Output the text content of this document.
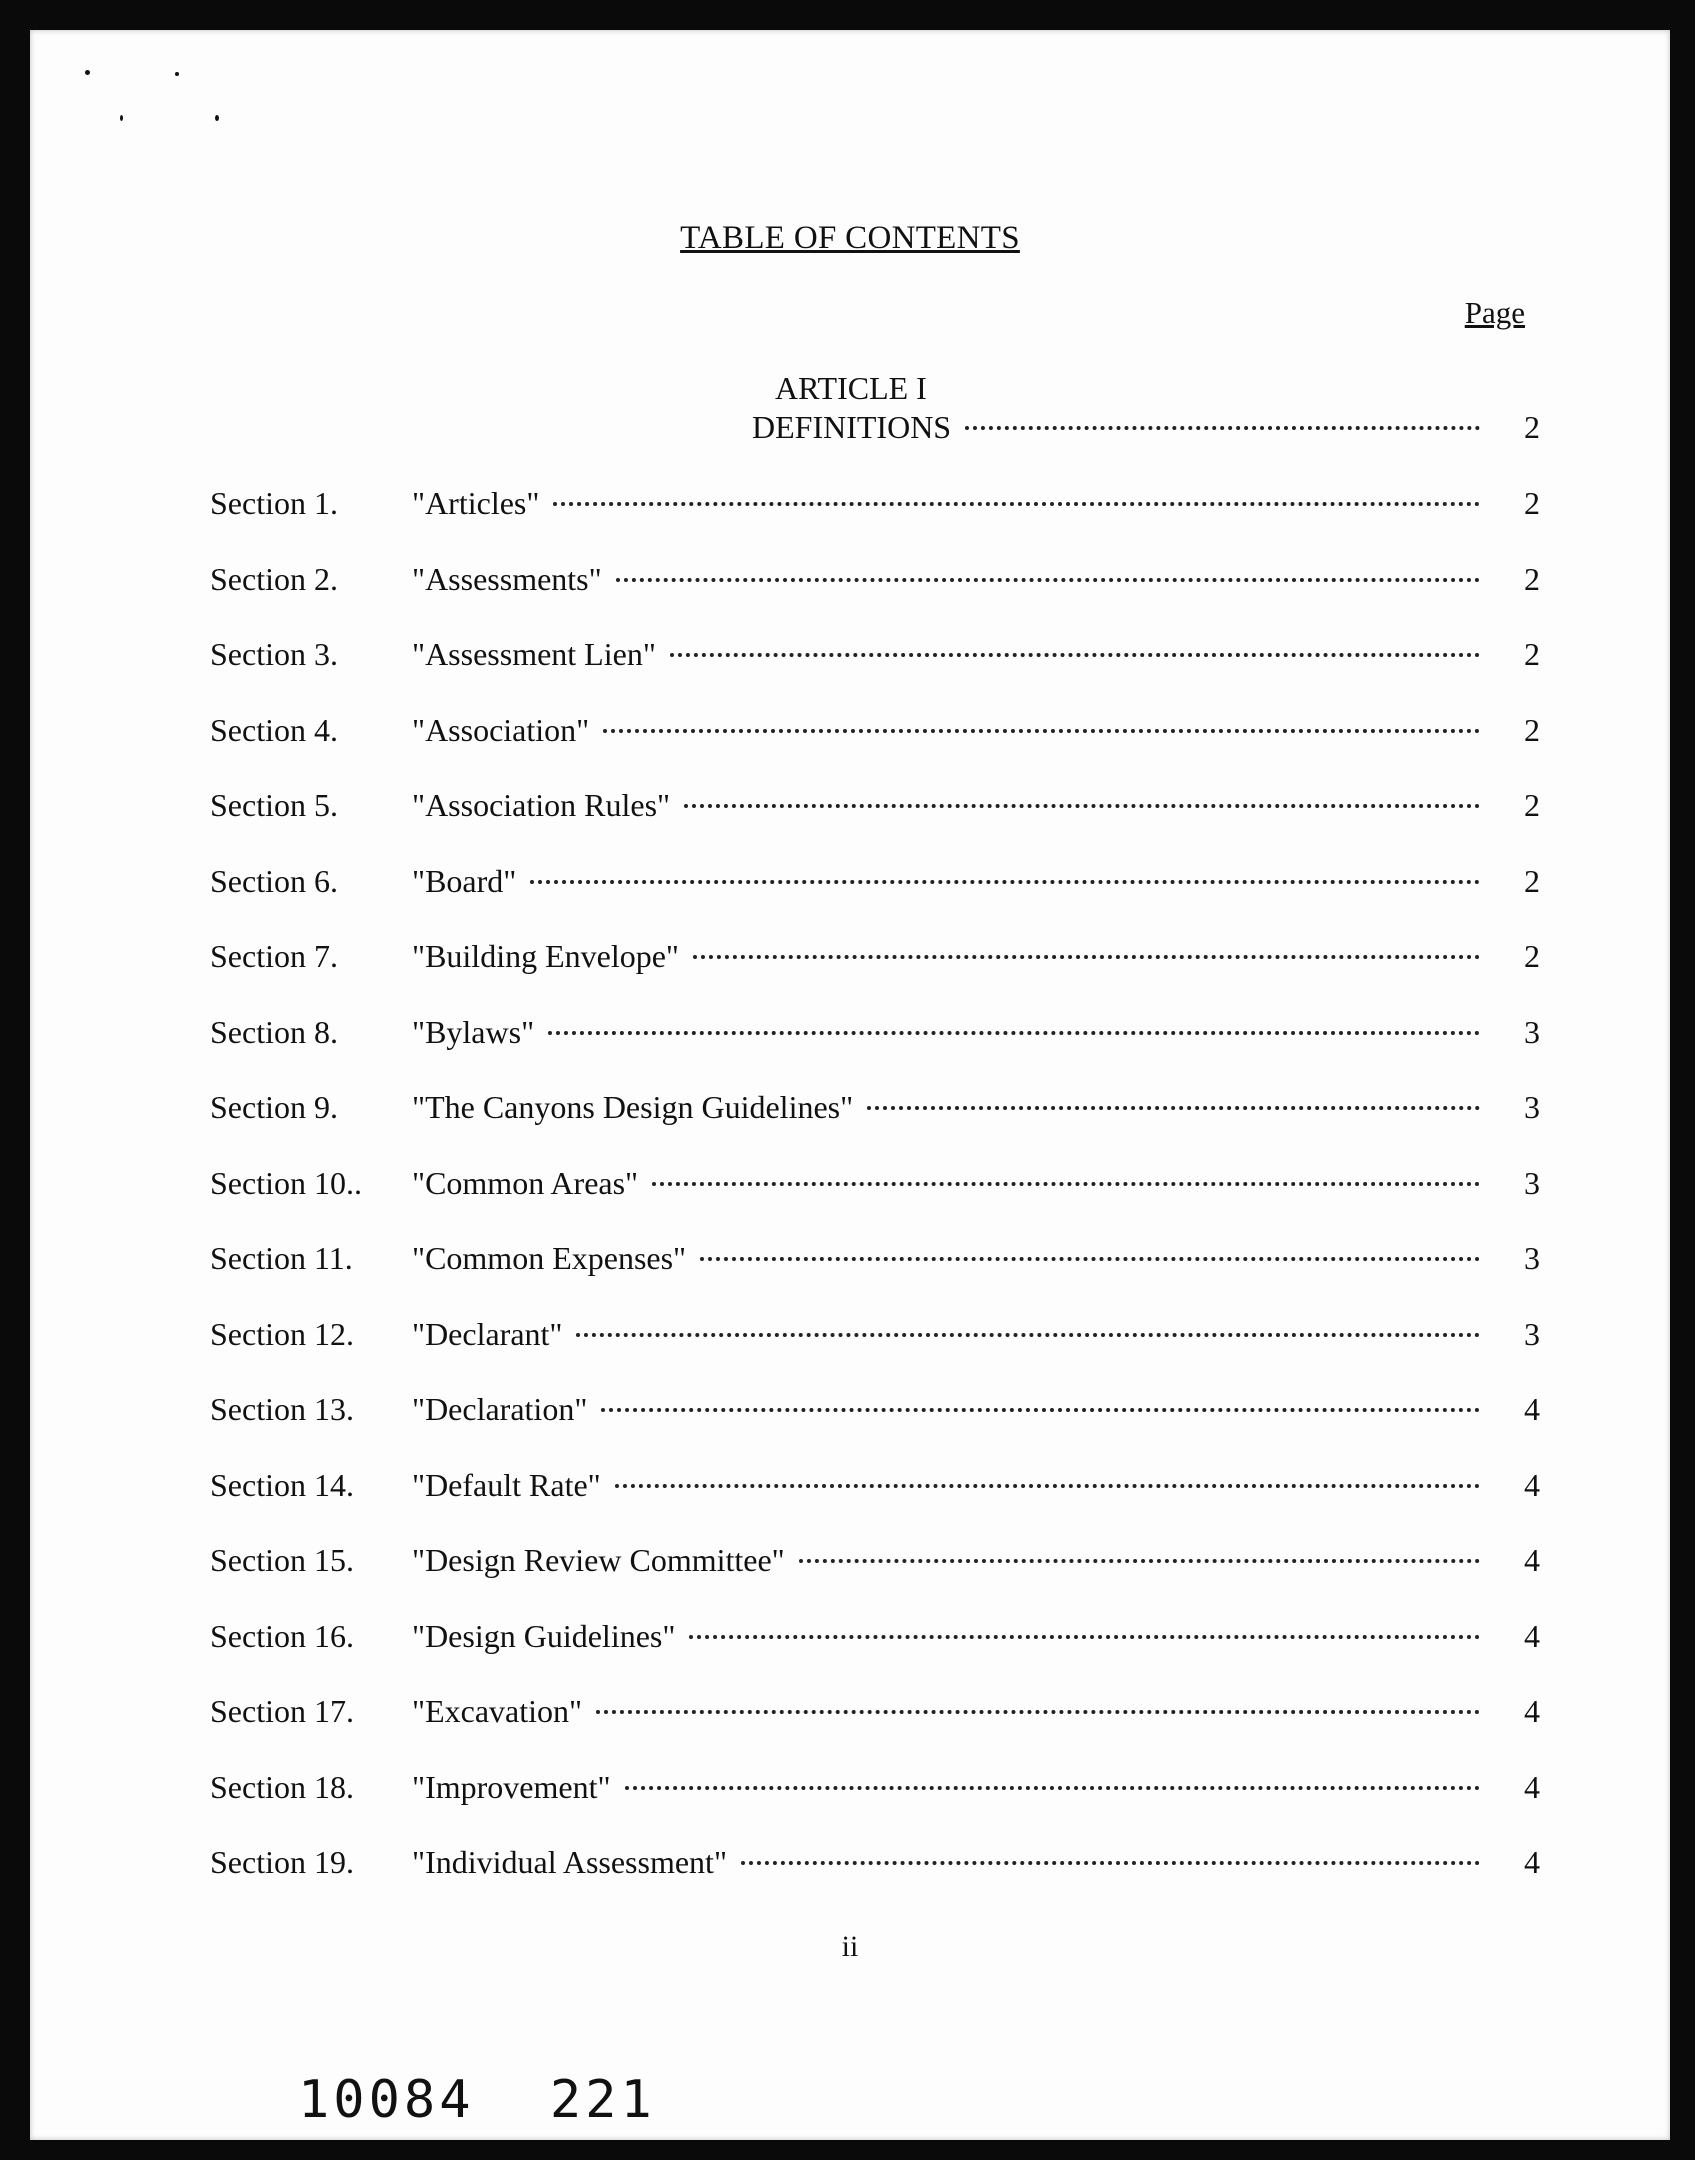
TABLE OF CONTENTS
Page
ARTICLE I
DEFINITIONS	2
Section 1. "Articles"	2
Section 2. "Assessments"	2
Section 3. "Assessment Lien"	2
Section 4. "Association"	2
Section 5. "Association Rules"	2
Section 6. "Board"	2
Section 7. "Building Envelope"	2
Section 8. "Bylaws"	3
Section 9. "The Canyons Design Guidelines"	3
Section 10.. "Common Areas"	3
Section 11. "Common Expenses"	3
Section 12. "Declarant"	3
Section 13. "Declaration"	4
Section 14. "Default Rate"	4
Section 15. "Design Review Committee"	4
Section 16. "Design Guidelines"	4
Section 17. "Excavation"	4
Section 18. "Improvement"	4
Section 19. "Individual Assessment"	4
ii
10084 221
